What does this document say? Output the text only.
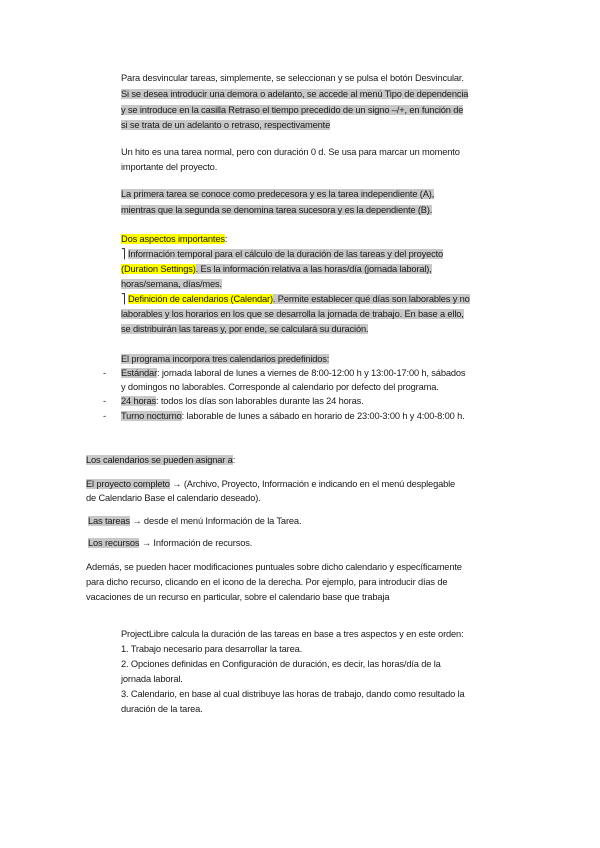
Para desvincular tareas, simplemente, se seleccionan y se pulsa el botón Desvincular.
Si se desea introducir una demora o adelanto, se accede al menú Tipo de dependencia
y se introduce en la casilla Retraso el tiempo precedido de un signo –/+, en función de
si se trata de un adelanto o retraso, respectivamente
Un hito es una tarea normal, pero con duración 0 d. Se usa para marcar un momento
importante del proyecto.
La primera tarea se conoce como predecesora y es la tarea independiente (A),
mientras que la segunda se denomina tarea sucesora y es la dependiente (B).
Dos aspectos importantes:
⎤ Información temporal para el cálculo de la duración de las tareas y del proyecto
(Duration Settings). Es la información relativa a las horas/día (jornada laboral),
horas/semana, días/mes.
⎤ Definición de calendarios (Calendar). Permite establecer qué días son laborables y no
laborables y los horarios en los que se desarrolla la jornada de trabajo. En base a ello,
se distribuirán las tareas y, por ende, se calculará su duración.
El programa incorpora tres calendarios predefinidos:
- Estándar: jornada laboral de lunes a viernes de 8:00-12:00 h y 13:00-17:00 h, sábados
y domingos no laborables. Corresponde al calendario por defecto del programa.
- 24 horas: todos los días son laborables durante las 24 horas.
- Turno nocturno: laborable de lunes a sábado en horario de 23:00-3:00 h y 4:00-8:00 h.
Los calendarios se pueden asignar a:
El proyecto completo → (Archivo, Proyecto, Información e indicando en el menú desplegable
de Calendario Base el calendario deseado).
Las tareas → desde el menú Información de la Tarea.
Los recursos → Información de recursos.
Además, se pueden hacer modificaciones puntuales sobre dicho calendario y específicamente
para dicho recurso, clicando en el icono de la derecha. Por ejemplo, para introducir días de
vacaciones de un recurso en particular, sobre el calendario base que trabaja
ProjectLibre calcula la duración de las tareas en base a tres aspectos y en este orden:
1. Trabajo necesario para desarrollar la tarea.
2. Opciones definidas en Configuración de duración, es decir, las horas/día de la
jornada laboral.
3. Calendario, en base al cual distribuye las horas de trabajo, dando como resultado la
duración de la tarea.
